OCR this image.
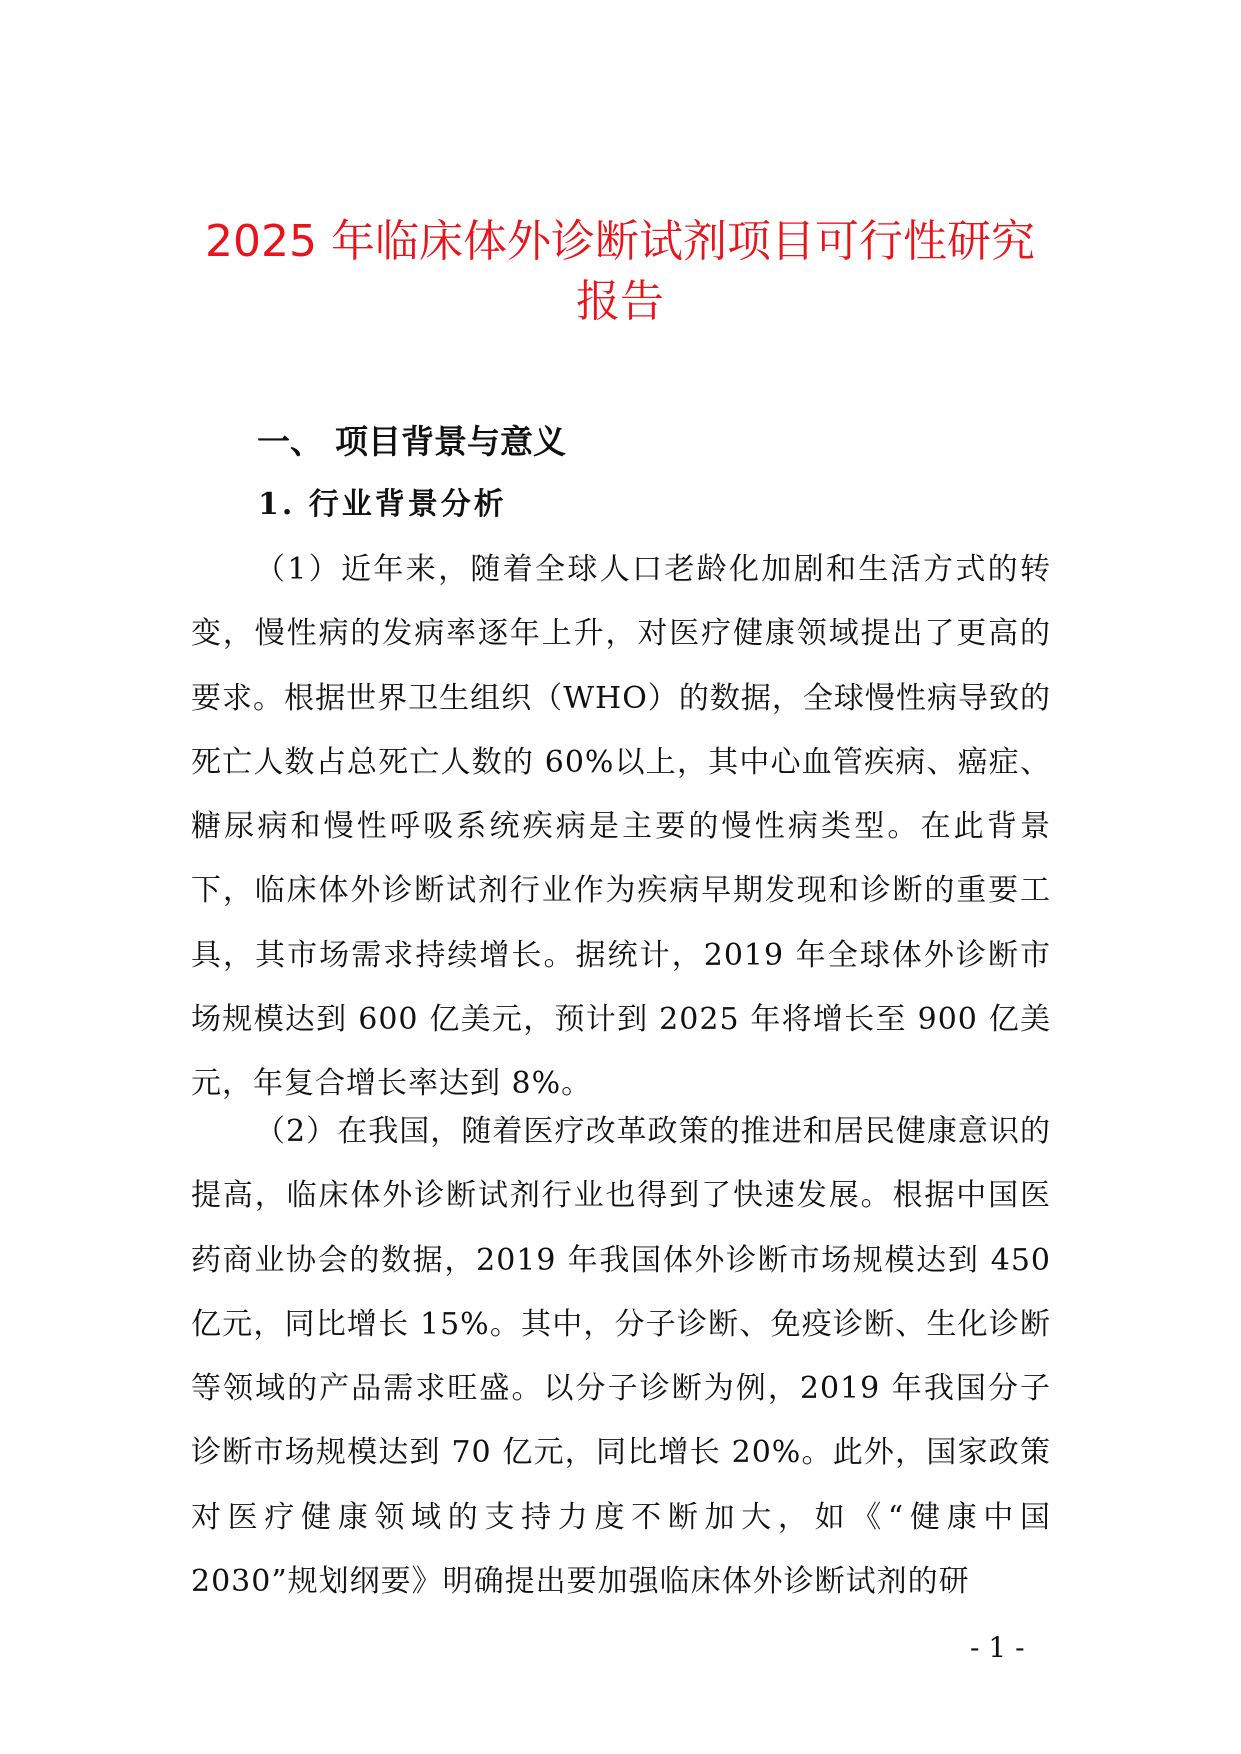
2025 年临床体外诊断试剂项目可行性研究
报告
一、 项目背景与意义
1. 行业背景分析

（1）近年来，随着全球人口老龄化加剧和生活方式的转变，慢性病的发病率逐年上升，对医疗健康领域提出了更高的要求。根据世界卫生组织（WHO）的数据，全球慢性病导致的死亡人数占总死亡人数的 60%以上，其中心血管疾病、癌症、糖尿病和慢性呼吸系统疾病是主要的慢性病类型。在此背景下，临床体外诊断试剂行业作为疾病早期发现和诊断的重要工具，其市场需求持续增长。据统计，2019 年全球体外诊断市场规模达到 600 亿美元，预计到 2025 年将增长至 900 亿美元，年复合增长率达到 8%。

（2）在我国，随着医疗改革政策的推进和居民健康意识的提高，临床体外诊断试剂行业也得到了快速发展。根据中国医药商业协会的数据，2019 年我国体外诊断市场规模达到 450 亿元，同比增长 15%。其中，分子诊断、免疫诊断、生化诊断等领域的产品需求旺盛。以分子诊断为例，2019 年我国分子诊断市场规模达到 70 亿元，同比增长 20%。此外，国家政策对医疗健康领域的支持力度不断加大，如《“健康中国 2030”规划纲要》明确提出要加强临床体外诊断试剂的研

- 1 -
